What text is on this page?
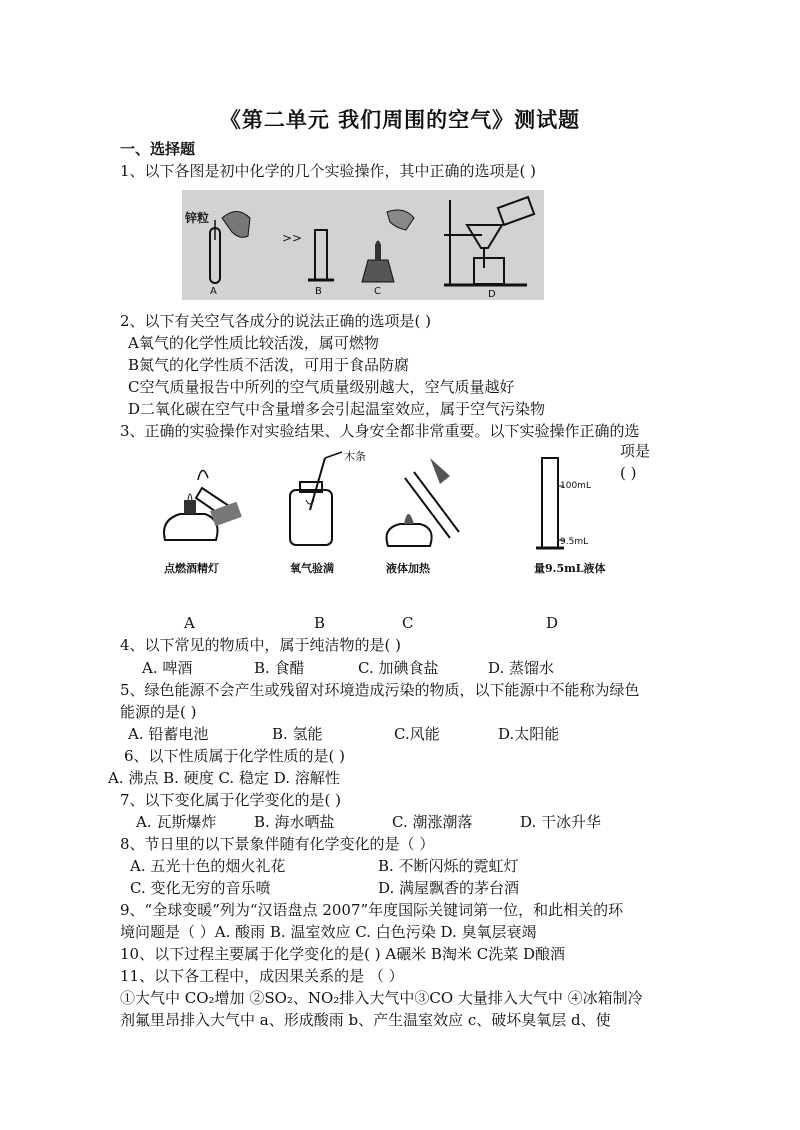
《第二单元 我们周围的空气》测试题
一、选择题
1、以下各图是初中化学的几个实验操作，其中正确的选项是( )
锌粒
A
>>
B	C	D
2、以下有关空气各成分的说法正确的选项是( )
A氧气的化学性质比较活泼，属可燃物
B氮气的化学性质不活泼，可用于食品防腐
C空气质量报告中所列的空气质量级别越大，空气质量越好
D二氧化碳在空气中含量增多会引起温室效应，属于空气污染物
3、正确的实验操作对实验结果、人身安全都非常重要。以下实验操作正确的选
项是
( )
点燃酒精灯
木条
氧气验满	液体加热
100mL
9.5mL
量9.5mL液体
A	B	C	D
4、以下常见的物质中，属于纯洁物的是( )
A. 啤酒	B. 食醋	C. 加碘食盐	D. 蒸馏水
5、绿色能源不会产生或残留对环境造成污染的物质，以下能源中不能称为绿色
能源的是( )
A. 铅蓄电池	B. 氢能	C.风能	D.太阳能
6、以下性质属于化学性质的是( )
A. 沸点 B. 硬度 C. 稳定 D. 溶解性
7、以下变化属于化学变化的是( )
A. 瓦斯爆炸	B. 海水晒盐	C. 潮涨潮落	D. 干冰升华
8、节日里的以下景象伴随有化学变化的是（ ）
A. 五光十色的烟火礼花	B. 不断闪烁的霓虹灯
C. 变化无穷的音乐喷	D. 满屋飘香的茅台酒
9、“全球变暖”列为“汉语盘点 2007”年度国际关键词第一位，和此相关的环
境问题是（ ）A. 酸雨 B. 温室效应 C. 白色污染 D. 臭氧层衰竭
10、以下过程主要属于化学变化的是( ) A碾米 B淘米 C洗菜 D酿酒
11、以下各工程中，成因果关系的是 （ ）
①大气中 CO₂增加 ②SO₂、NO₂排入大气中③CO 大量排入大气中 ④冰箱制冷
剂氟里昂排入大气中 a、形成酸雨 b、产生温室效应 c、破坏臭氧层 d、使
